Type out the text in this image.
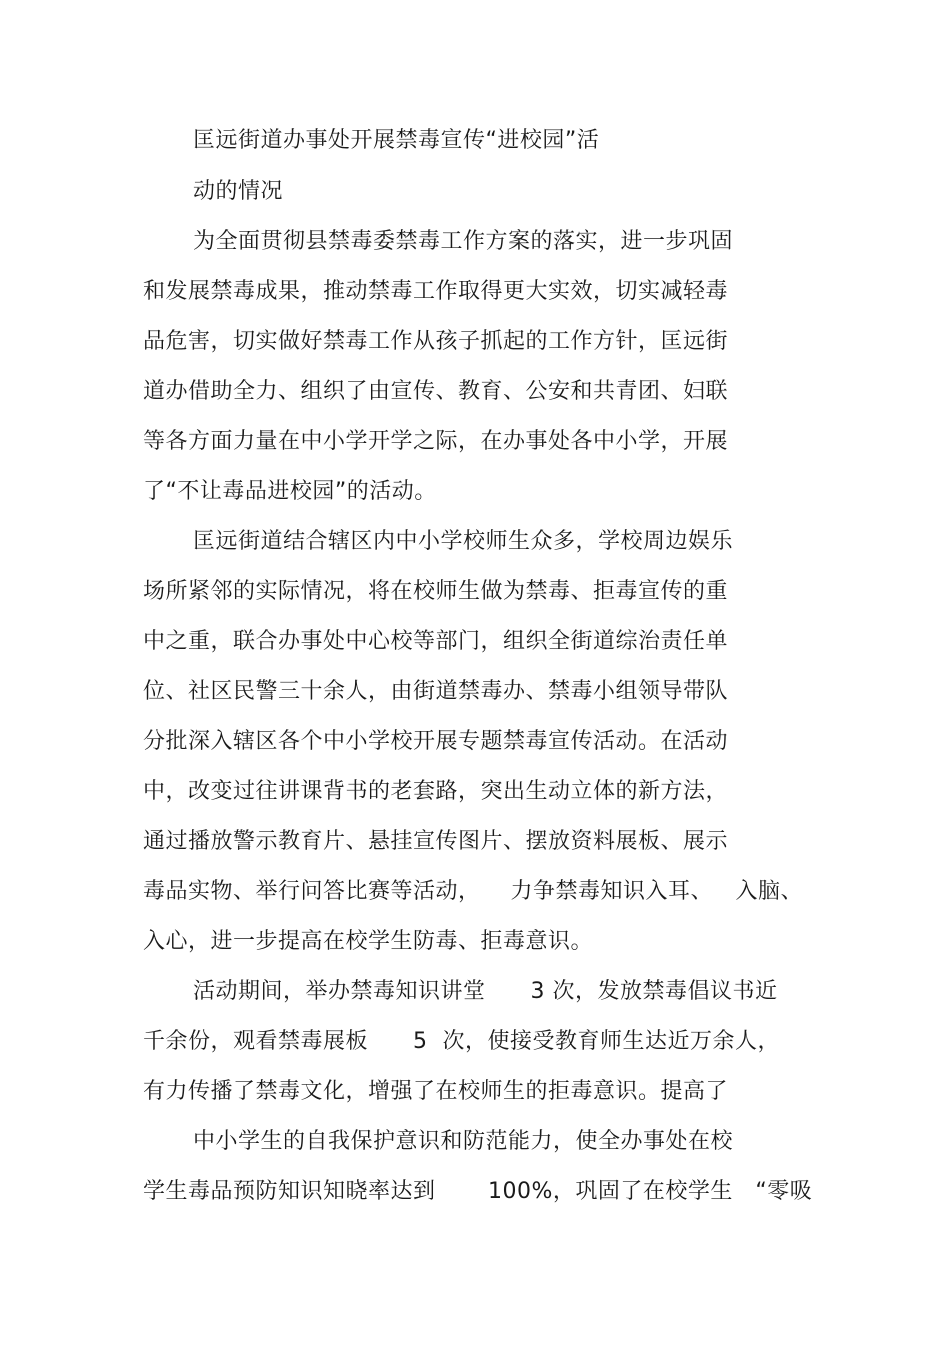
匡远街道办事处开展禁毒宣传“进校园”活
动的情况
为全面贯彻县禁毒委禁毒工作方案的落实，进一步巩固
和发展禁毒成果，推动禁毒工作取得更大实效，切实减轻毒
品危害，切实做好禁毒工作从孩子抓起的工作方针，匡远街
道办借助全力、组织了由宣传、教育、公安和共青团、妇联
等各方面力量在中小学开学之际，在办事处各中小学，开展
了“不让毒品进校园”的活动。
匡远街道结合辖区内中小学校师生众多，学校周边娱乐
场所紧邻的实际情况，将在校师生做为禁毒、拒毒宣传的重
中之重，联合办事处中心校等部门，组织全街道综治责任单
位、社区民警三十余人，由街道禁毒办、禁毒小组领导带队
分批深入辖区各个中小学校开展专题禁毒宣传活动。在活动
中，改变过往讲课背书的老套路，突出生动立体的新方法，
通过播放警示教育片、悬挂宣传图片、摆放资料展板、展示
毒品实物、举行问答比赛等活动，    力争禁毒知识入耳、   入脑、
入心，进一步提高在校学生防毒、拒毒意识。
活动期间，举办禁毒知识讲堂      3 次，发放禁毒倡议书近
千余份，观看禁毒展板      5  次，使接受教育师生达近万余人，
有力传播了禁毒文化，增强了在校师生的拒毒意识。提高了
中小学生的自我保护意识和防范能力，使全办事处在校
学生毒品预防知识知晓率达到       100%，巩固了在校学生   “零吸
